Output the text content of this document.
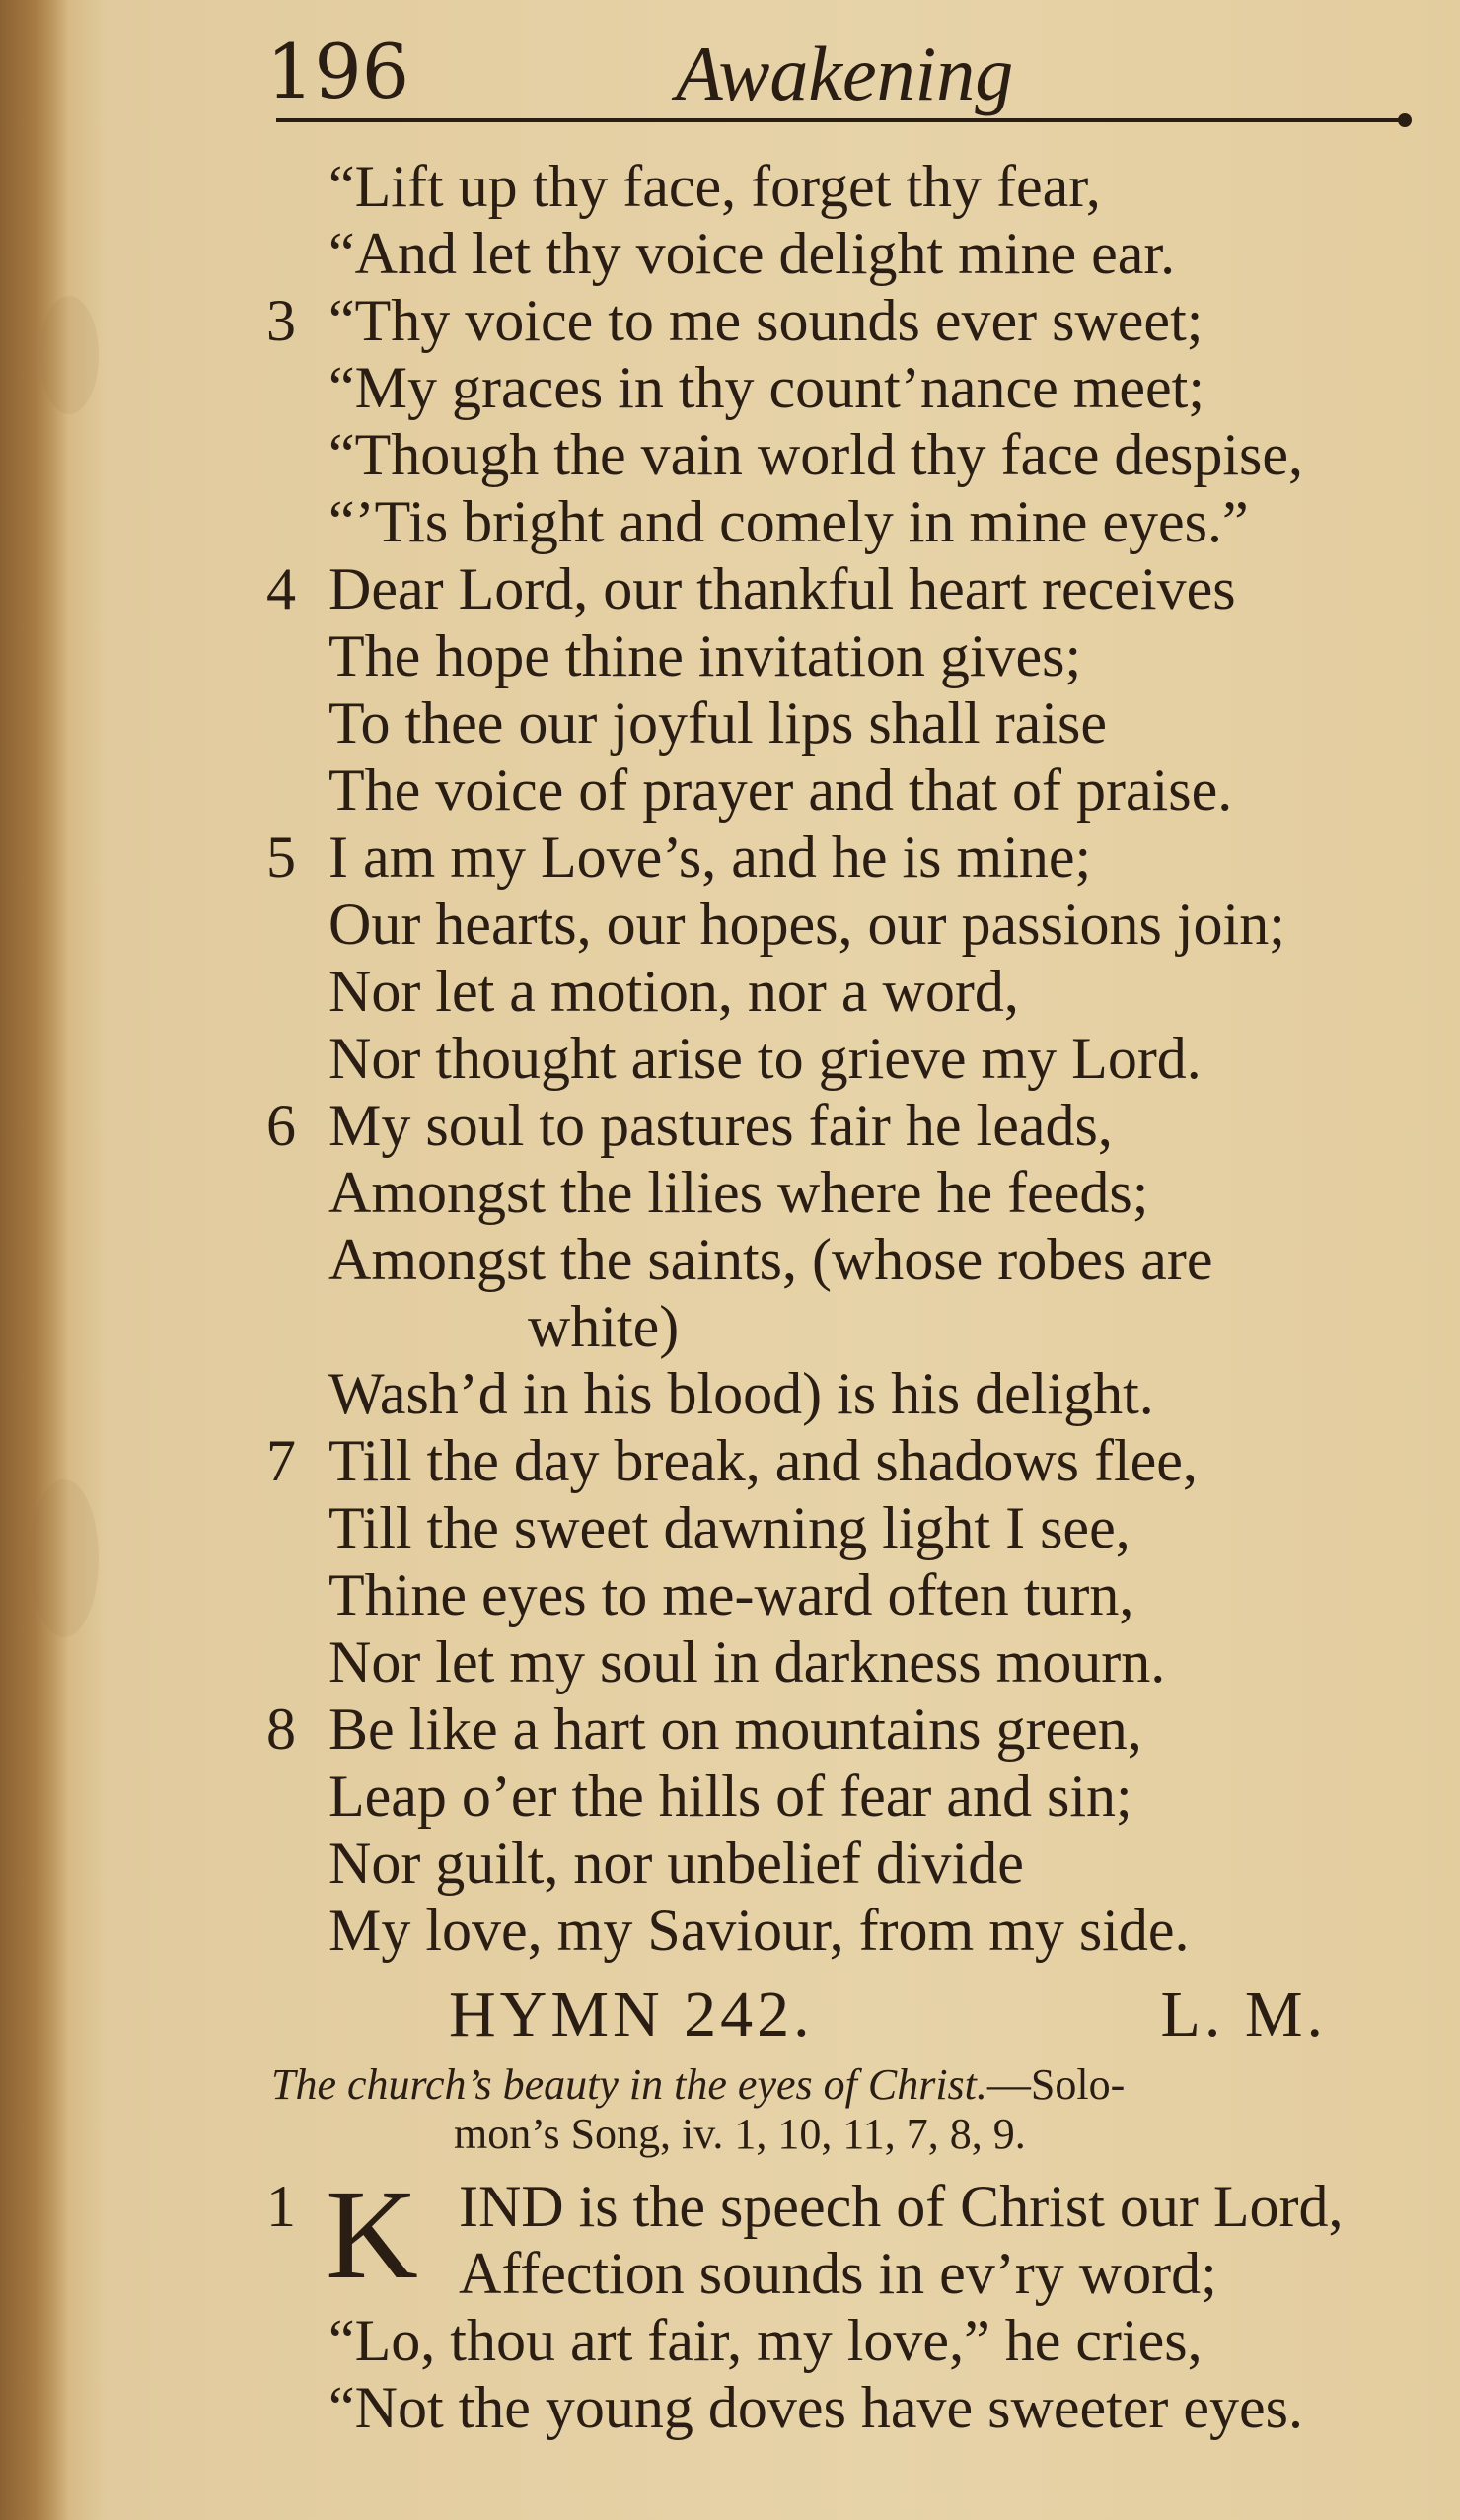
196	Awakening
“Lift up thy face, forget thy fear,
“And let thy voice delight mine ear.
3 “Thy voice to me sounds ever sweet;
“My graces in thy count’nance meet;
“Though the vain world thy face despise,
“’Tis bright and comely in mine eyes.”
4 Dear Lord, our thankful heart receives
The hope thine invitation gives;
To thee our joyful lips shall raise
The voice of prayer and that of praise.
5 I am my Love’s, and he is mine;
Our hearts, our hopes, our passions join;
Nor let a motion, nor a word,
Nor thought arise to grieve my Lord.
6 My soul to pastures fair he leads,
Amongst the lilies where he feeds;
Amongst the saints, (whose robes are
white)
Wash’d in his blood) is his delight.
7 Till the day break, and shadows flee,
Till the sweet dawning light I see,
Thine eyes to me-ward often turn,
Nor let my soul in darkness mourn.
8 Be like a hart on mountains green,
Leap o’er the hills of fear and sin;
Nor guilt, nor unbelief divide
My love, my Saviour, from my side.
HYMN 242.	L. M.
The church’s beauty in the eyes of Christ.—Solo-
mon’s Song, iv. 1, 10, 11, 7, 8, 9.
1 K IND is the speech of Christ our Lord,
Affection sounds in ev’ry word;
“Lo, thou art fair, my love,” he cries,
“Not the young doves have sweeter eyes.
